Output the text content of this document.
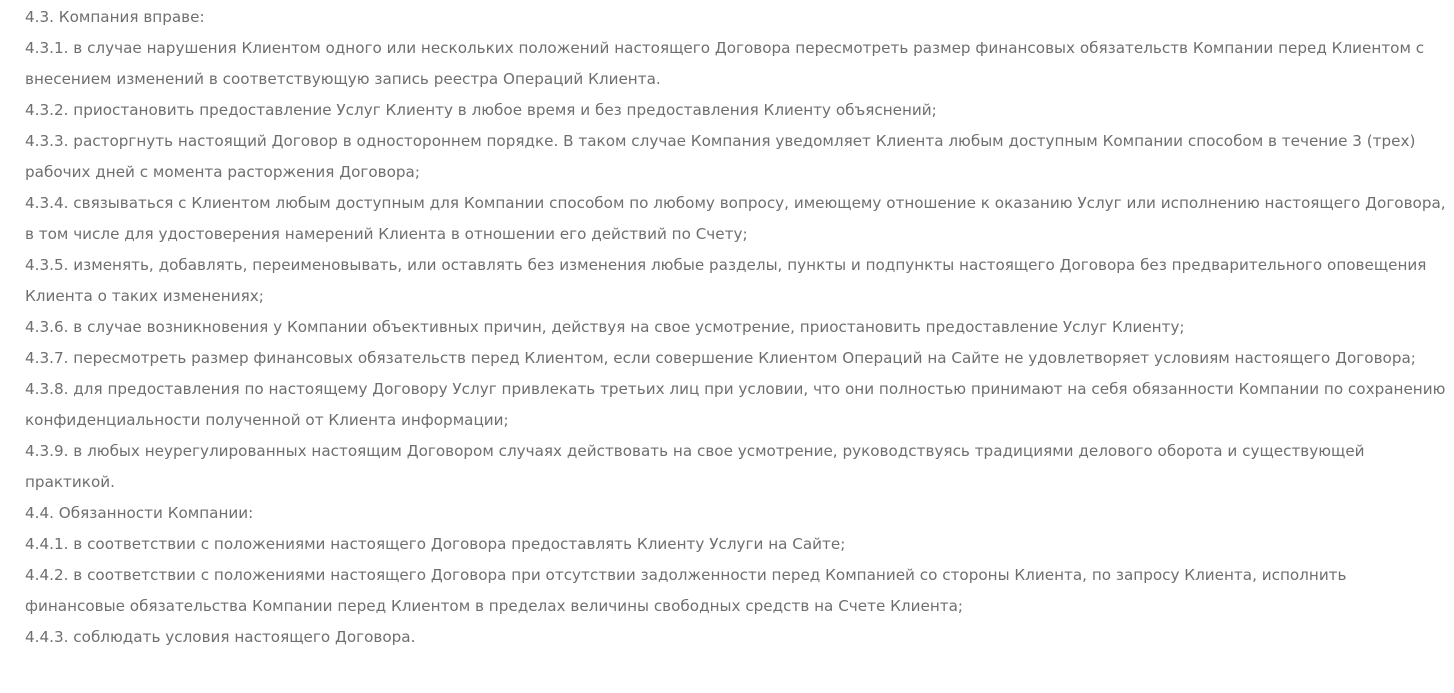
4.3. Компания вправе:

4.3.1. в случае нарушения Клиентом одного или нескольких положений настоящего Договора пересмотреть размер финансовых обязательств Компании перед Клиентом с внесением изменений в соответствующую запись реестра Операций Клиента.

4.3.2. приостановить предоставление Услуг Клиенту в любое время и без предоставления Клиенту объяснений;

4.3.3. расторгнуть настоящий Договор в одностороннем порядке. В таком случае Компания уведомляет Клиента любым доступным Компании способом в течение 3 (трех) рабочих дней с момента расторжения Договора;

4.3.4. связываться с Клиентом любым доступным для Компании способом по любому вопросу, имеющему отношение к оказанию Услуг или исполнению настоящего Договора, в том числе для удостоверения намерений Клиента в отношении его действий по Счету;

4.3.5. изменять, добавлять, переименовывать, или оставлять без изменения любые разделы, пункты и подпункты настоящего Договора без предварительного оповещения Клиента о таких изменениях;

4.3.6. в случае возникновения у Компании объективных причин, действуя на свое усмотрение, приостановить предоставление Услуг Клиенту;

4.3.7. пересмотреть размер финансовых обязательств перед Клиентом, если совершение Клиентом Операций на Сайте не удовлетворяет условиям настоящего Договора;

4.3.8. для предоставления по настоящему Договору Услуг привлекать третьих лиц при условии, что они полностью принимают на себя обязанности Компании по сохранению конфиденциальности полученной от Клиента информации;

4.3.9. в любых неурегулированных настоящим Договором случаях действовать на свое усмотрение, руководствуясь традициями делового оборота и существующей практикой.

4.4. Обязанности Компании:

4.4.1. в соответствии с положениями настоящего Договора предоставлять Клиенту Услуги на Сайте;

4.4.2. в соответствии с положениями настоящего Договора при отсутствии задолженности перед Компанией со стороны Клиента, по запросу Клиента, исполнить финансовые обязательства Компании перед Клиентом в пределах величины свободных средств на Счете Клиента;

4.4.3. соблюдать условия настоящего Договора.
